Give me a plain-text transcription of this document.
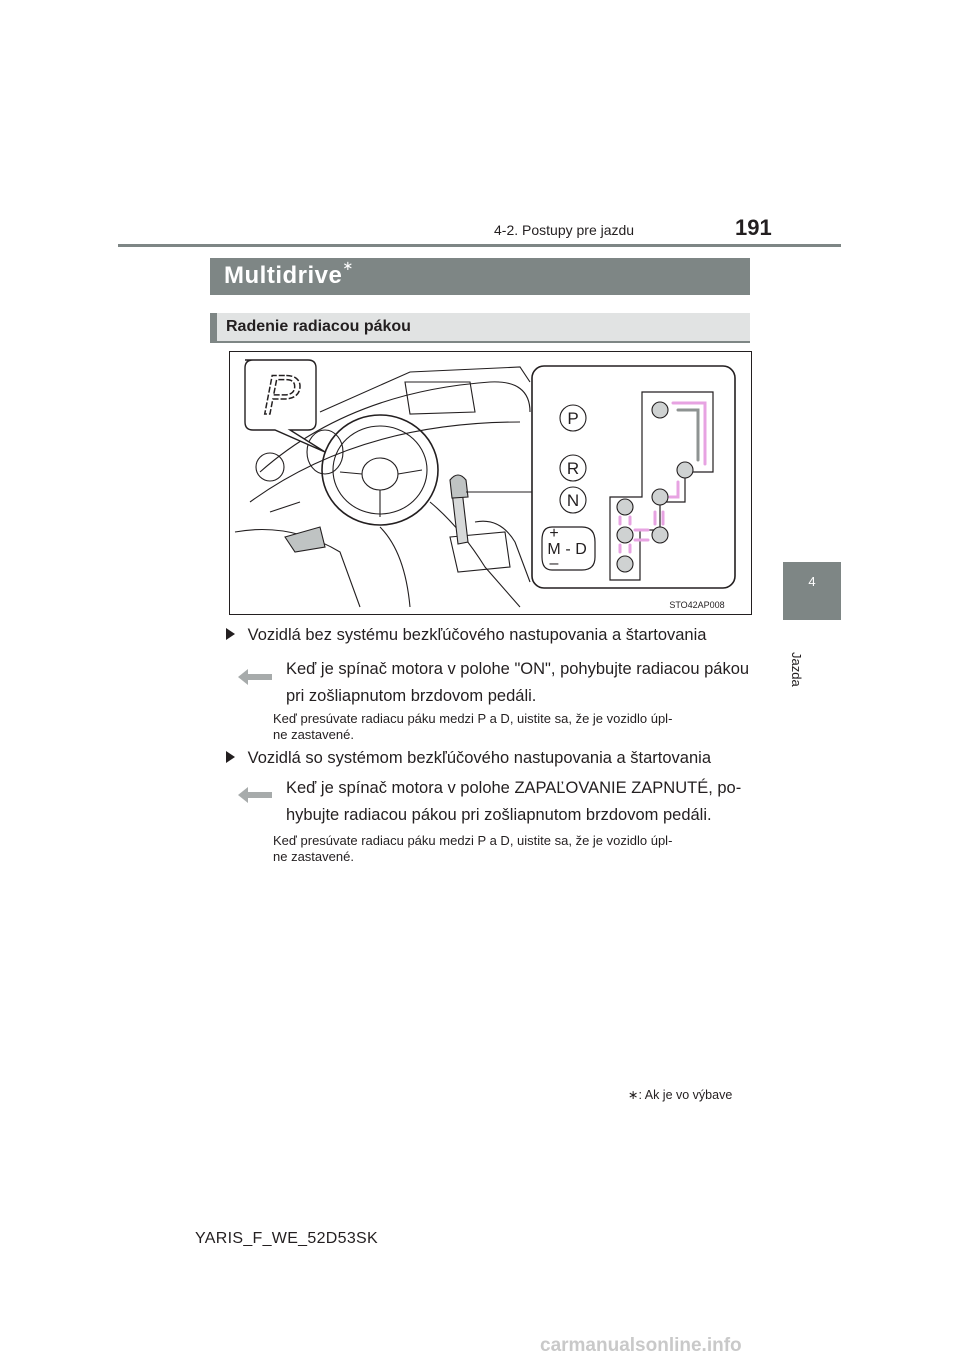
4-2. Postupy pre jazdu	191
4
Jazda
Multidrive∗
Radenie radiacou pákou
P	P
R
N
+
M - D
–
STO42AP008
Vozidlá bez systému bezkľúčového nastupovania a štartovania
Keď je spínač motora v polohe "ON", pohybujte radiacou pákou
pri zošliapnutom brzdovom pedáli.
Keď presúvate radiacu páku medzi P a D, uistite sa, že je vozidlo úpl-
ne zastavené.
Vozidlá so systémom bezkľúčového nastupovania a štartovania
Keď je spínač motora v polohe ZAPAĽOVANIE ZAPNUTÉ, po-
hybujte radiacou pákou pri zošliapnutom brzdovom pedáli.
Keď presúvate radiacu páku medzi P a D, uistite sa, že je vozidlo úpl-
ne zastavené.
∗: Ak je vo výbave
YARIS_F_WE_52D53SK
carmanualsonline.info
